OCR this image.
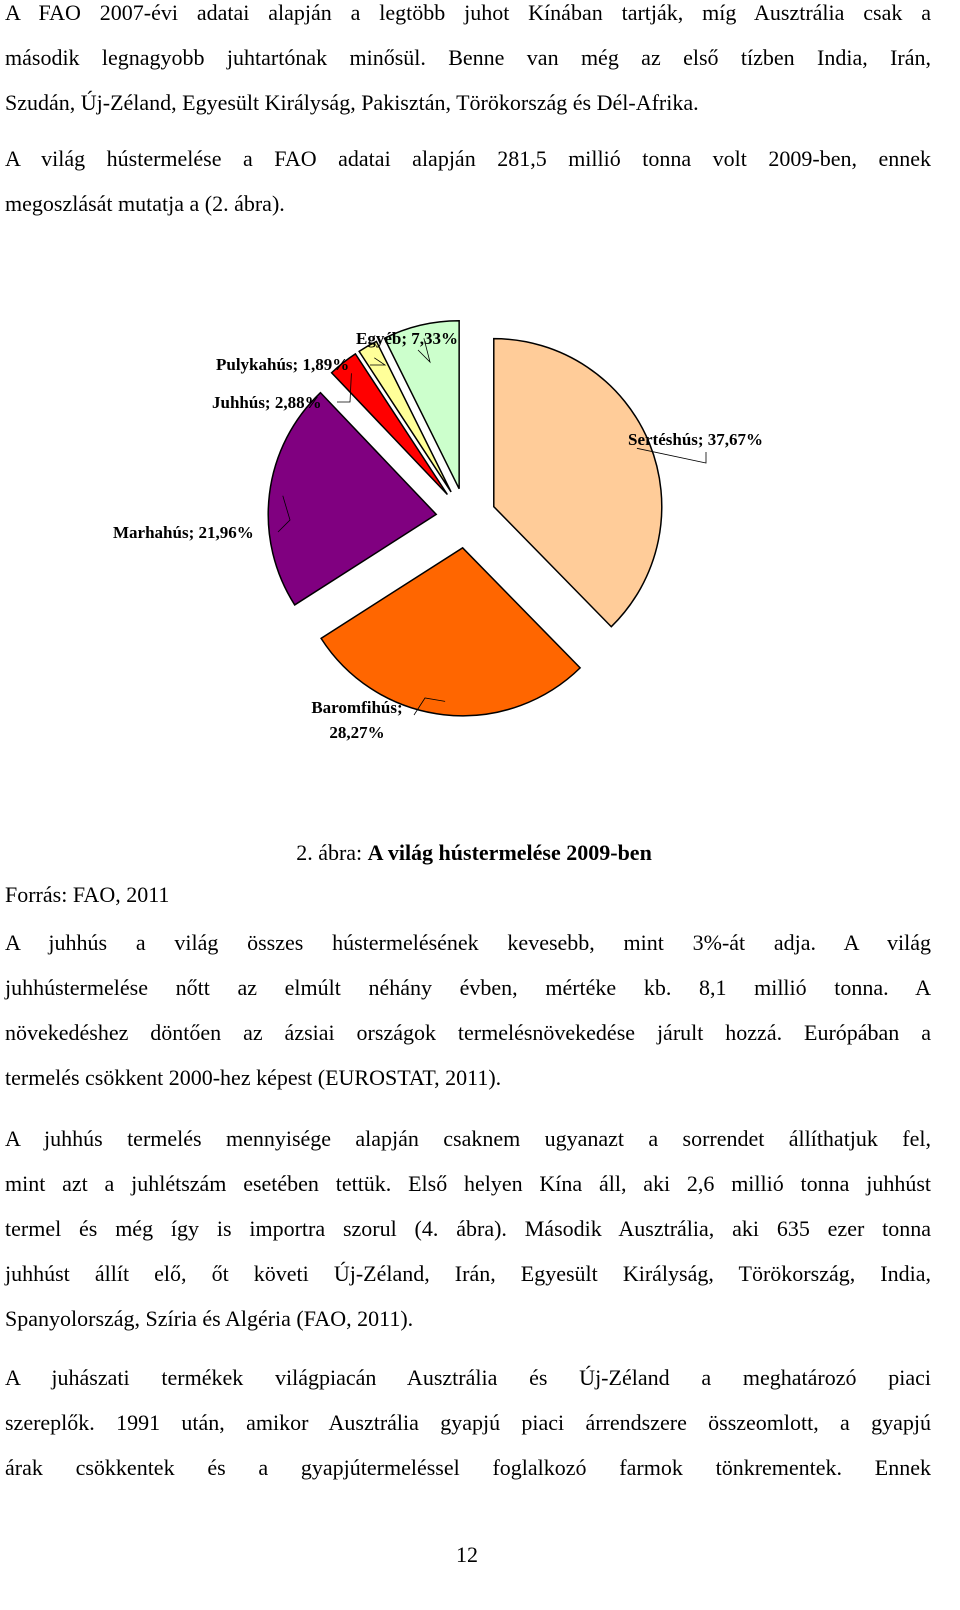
A FAO 2007-évi adatai alapján a legtöbb juhot Kínában tartják, míg Ausztrália csak a
második legnagyobb juhtartónak minősül. Benne van még az első tízben India, Irán,
Szudán, Új-Zéland, Egyesült Királyság, Pakisztán, Törökország és Dél-Afrika.
A világ hústermelése a FAO adatai alapján 281,5 millió tonna volt 2009-ben, ennek
megoszlását mutatja a (2. ábra).
Sertéshús; 37,67%
Baromfihús;
28,27%
Marhahús; 21,96%
Juhhús; 2,88%
Pulykahús; 1,89%
Egyéb; 7,33%

2. ábra: A világ hústermelése 2009-ben

Forrás: FAO, 2011

A juhhús a világ összes hústermelésének kevesebb, mint 3%-át adja. A világ
juhhústermelése nőtt az elmúlt néhány évben, mértéke kb. 8,1 millió tonna. A
növekedéshez döntően az ázsiai országok termelésnövekedése járult hozzá. Európában a
termelés csökkent 2000-hez képest (EUROSTAT, 2011).
A juhhús termelés mennyisége alapján csaknem ugyanazt a sorrendet állíthatjuk fel,
mint azt a juhlétszám esetében tettük. Első helyen Kína áll, aki 2,6 millió tonna juhhúst
termel és még így is importra szorul (4. ábra). Második Ausztrália, aki 635 ezer tonna
juhhúst állít elő, őt követi Új-Zéland, Irán, Egyesült Királyság, Törökország, India,
Spanyolország, Szíria és Algéria (FAO, 2011).
A juhászati termékek világpiacán Ausztrália és Új-Zéland a meghatározó piaci
szereplők. 1991 után, amikor Ausztrália gyapjú piaci árrendszere összeomlott, a gyapjú
árak csökkentek és a gyapjútermeléssel foglalkozó farmok tönkrementek. Ennek

12
